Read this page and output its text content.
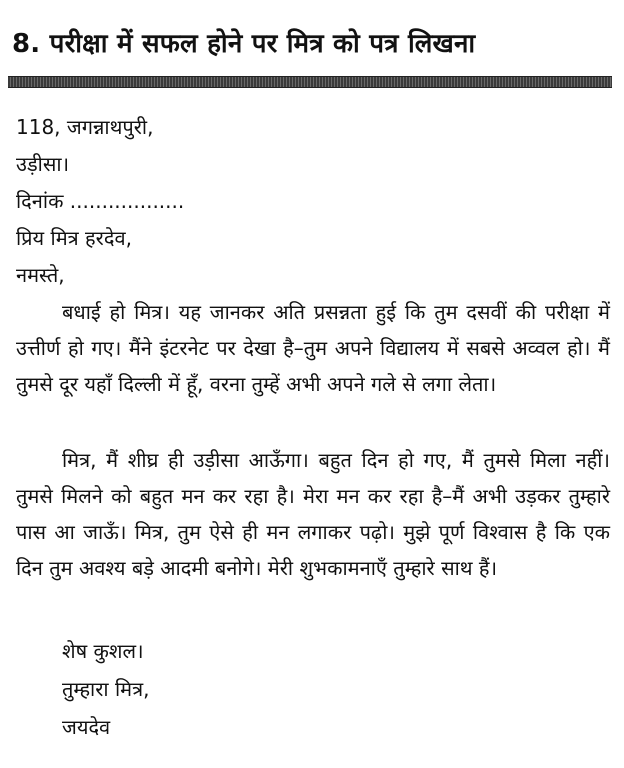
8. परीक्षा में सफल होने पर मित्र को पत्र लिखना
118, जगन्नाथपुरी,
उड़ीसा।
दिनांक ..................
प्रिय मित्र हरदेव,
नमस्ते,
बधाई हो मित्र। यह जानकर अति प्रसन्नता हुई कि तुम दसवीं की परीक्षा में उत्तीर्ण हो गए। मैंने इंटरनेट पर देखा है–तुम अपने विद्यालय में सबसे अव्वल हो। मैं तुमसे दूर यहाँ दिल्ली में हूँ, वरना तुम्हें अभी अपने गले से लगा लेता।
मित्र, मैं शीघ्र ही उड़ीसा आऊँगा। बहुत दिन हो गए, मैं तुमसे मिला नहीं। तुमसे मिलने को बहुत मन कर रहा है। मेरा मन कर रहा है–मैं अभी उड़कर तुम्हारे पास आ जाऊँ। मित्र, तुम ऐसे ही मन लगाकर पढ़ो। मुझे पूर्ण विश्वास है कि एक दिन तुम अवश्य बड़े आदमी बनोगे। मेरी शुभकामनाएँ तुम्हारे साथ हैं।
शेष कुशल।
तुम्हारा मित्र,
जयदेव
